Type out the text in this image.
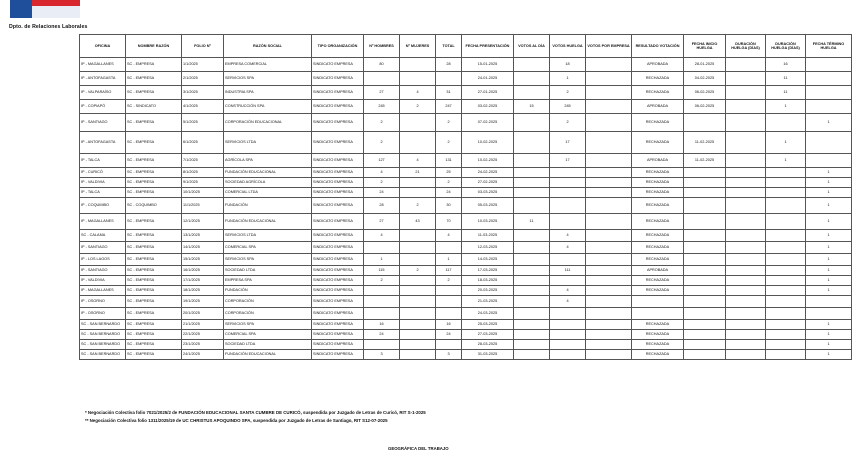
Dpto. de Relaciones Laborales
OFICINA	NOMBRE RAZÓN	FOLIO Nº	RAZÓN SOCIAL	TIPO ORGANIZACIÓN	Nº HOMBRES	Nº MUJERES	TOTAL	FECHA PRESENTACIÓN	VOTOS AL DÍA	VOTOS HUELGA	VOTOS POR EMPRESA	RESULTADO VOTACIÓN	FECHA INICIO HUELGA	DURACIÓN HUELGA (DÍAS)	DURACIÓN HUELGA (DÍAS)	FECHA TÉRMINO HUELGA
IP - MAGALLANES	SC - EMPRESA	1/1/2025	EMPRESA COMERCIAL	SINDICATO EMPRESA	80		28	15-01-2025		18		APROBADA	28-01-2025		16	
IP - ANTOFAGASTA	SC - EMPRESA	2/1/2025	SERVICIOS SPA	SINDICATO EMPRESA				24-01-2025		1		RECHAZADA	04-02-2025		11	
IP - VALPARAÍSO	SC - EMPRESA	3/1/2025	INDUSTRIA SPA	SINDICATO EMPRESA	27	4	31	27-01-2025		2		RECHAZADA	06-02-2025		11	
IP - COPIAPÓ	SC - SINDICATO	4/1/2025	CONSTRUCCIÓN SPA	SINDICATO EMPRESA	245	2	247	03-02-2025	15	245		APROBADA	06-02-2025		1	
IP - SANTIAGO	SC - EMPRESA	5/1/2025	CORPORACIÓN EDUCACIONAL	SINDICATO EMPRESA	2		2	07-02-2025		2		RECHAZADA				1
IP - ANTOFAGASTA	SC - EMPRESA	6/1/2025	SERVICIOS LTDA	SINDICATO EMPRESA	2		2	10-02-2025		17		RECHAZADA	11-02-2025		1	
IP - TALCA	SC - EMPRESA	7/1/2025	AGRÍCOLA SPA	SINDICATO EMPRESA	127	4	131	10-02-2025		17		APROBADA	11-02-2025		1	
IP - CURICÓ	SC - EMPRESA	8/1/2025	FUNDACIÓN EDUCACIONAL	SINDICATO EMPRESA	4	21	25	24-02-2025				RECHAZADA				1
IP - VALDIVIA	SC - EMPRESA	9/1/2025	SOCIEDAD AGRÍCOLA	SINDICATO EMPRESA	2		2	27-02-2025				RECHAZADA				1
IP - TALCA	SC - EMPRESA	10/1/2025	COMERCIAL LTDA	SINDICATO EMPRESA	24		24	03-03-2025				RECHAZADA				1
IP - COQUIMBO	SC - COQUIMBO	11/1/2025	FUNDACIÓN	SINDICATO EMPRESA	28	2	30	05-03-2025				RECHAZADA				1
IP - MAGALLANES	SC - EMPRESA	12/1/2025	FUNDACIÓN EDUCACIONAL	SINDICATO EMPRESA	27	43	70	10-03-2025	11			RECHAZADA				1
SC - CALAMA	SC - EMPRESA	13/1/2025	SERVICIOS LTDA	SINDICATO EMPRESA	4		4	11-03-2025		4		RECHAZADA				1
IP - SANTIAGO	SC - EMPRESA	14/1/2025	COMERCIAL SPA	SINDICATO EMPRESA				12-03-2025		4		RECHAZADA				1
IP - LOS LAGOS	SC - EMPRESA	15/1/2025	SERVICIOS SPA	SINDICATO EMPRESA	1		1	14-03-2025				RECHAZADA				1
IP - SANTIAGO	SC - EMPRESA	16/1/2025	SOCIEDAD LTDA	SINDICATO EMPRESA	115	2	117	17-03-2025		111		APROBADA				1
IP - VALDIVIA	SC - EMPRESA	17/1/2025	EMPRESA SPA	SINDICATO EMPRESA	2		2	18-03-2025				RECHAZADA				1
IP - MAGALLANES	SC - EMPRESA	18/1/2025	FUNDACIÓN	SINDICATO EMPRESA				20-03-2025		4		RECHAZADA				1
IP - OSORNO	SC - EMPRESA	19/1/2025	CORPORACIÓN	SINDICATO EMPRESA				21-03-2025		4						
IP - OSORNO	SC - EMPRESA	20/1/2025	CORPORACIÓN	SINDICATO EMPRESA				24-03-2025								
SC - SAN BERNARDO	SC - EMPRESA	21/1/2025	SERVICIOS SPA	SINDICATO EMPRESA	16		16	25-03-2025				RECHAZADA				1
SC - SAN BERNARDO	SC - EMPRESA	22/1/2025	COMERCIAL SPA	SINDICATO EMPRESA	24		24	27-03-2025				RECHAZADA				1
SC - SAN BERNARDO	SC - EMPRESA	23/1/2025	SOCIEDAD LTDA	SINDICATO EMPRESA				28-03-2025				RECHAZADA				1
SC - SAN BERNARDO	SC - EMPRESA	24/1/2025	FUNDACIÓN EDUCACIONAL	SINDICATO EMPRESA	3		3	31-03-2025				RECHAZADA				1
* Negociación Colectiva folio 7021/2025/2 de FUNDACIÓN EDUCACIONAL SANTA CUMBRE DE CURICÓ, suspendida por Juzgado de Letras de Curicó, RIT S-1-2025
** Negociación Colectiva folio 1311/2025/19 de UC CHRISTUS APOQUINDO SPA, suspendida por Juzgado de Letras de Santiago, RIT S12-07-2025
GEOGRÁFICA DEL TRABAJO
